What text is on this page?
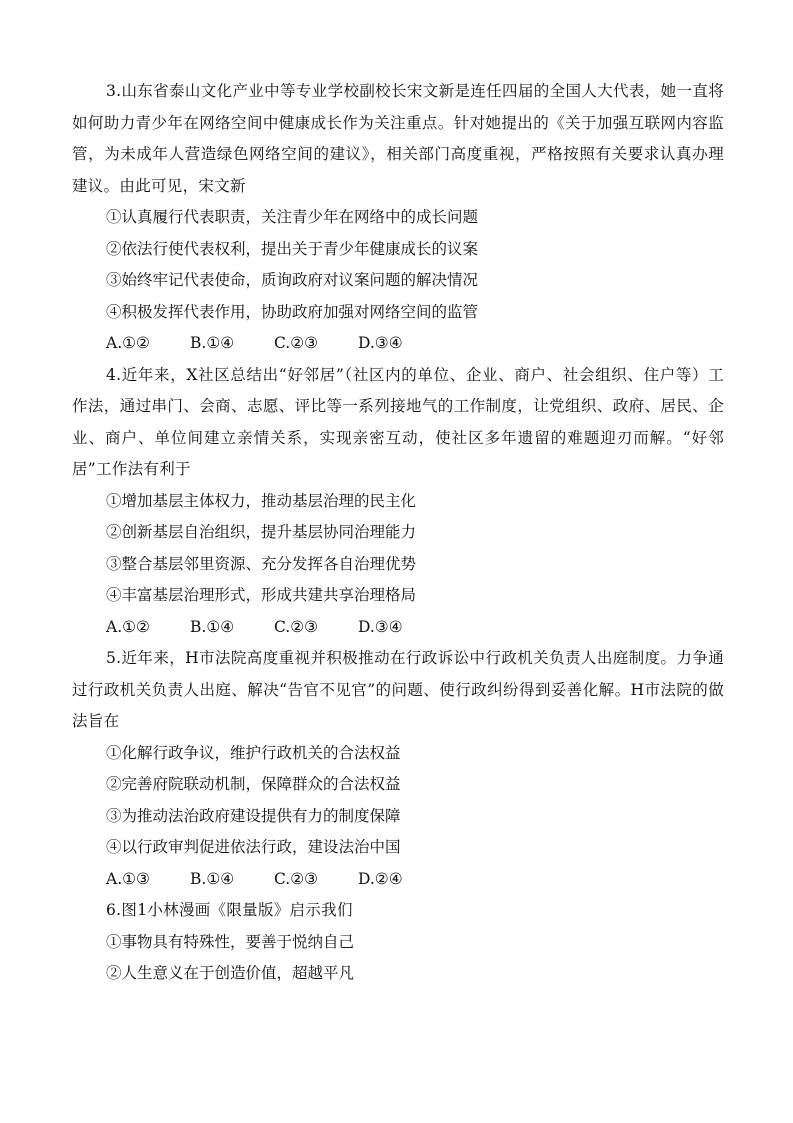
3.山东省泰山文化产业中等专业学校副校长宋文新是连任四届的全国人大代表，她一直将如何助力青少年在网络空间中健康成长作为关注重点。针对她提出的《关于加强互联网内容监管，为未成年人营造绿色网络空间的建议》，相关部门高度重视，严格按照有关要求认真办理建议。由此可见，宋文新
①认真履行代表职责，关注青少年在网络中的成长问题
②依法行使代表权利，提出关于青少年健康成长的议案
③始终牢记代表使命，质询政府对议案问题的解决情况
④积极发挥代表作用，协助政府加强对网络空间的监管
A.①②	B.①④	C.②③	D.③④
4.近年来，X社区总结出“好邻居”（社区内的单位、企业、商户、社会组织、住户等）工作法，通过串门、会商、志愿、评比等一系列接地气的工作制度，让党组织、政府、居民、企业、商户、单位间建立亲情关系，实现亲密互动，使社区多年遗留的难题迎刃而解。“好邻居”工作法有利于
①增加基层主体权力，推动基层治理的民主化
②创新基层自治组织，提升基层协同治理能力
③整合基层邻里资源、充分发挥各自治理优势
④丰富基层治理形式，形成共建共享治理格局
A.①②	B.①④	C.②③	D.③④
5.近年来，H市法院高度重视并积极推动在行政诉讼中行政机关负责人出庭制度。力争通过行政机关负责人出庭、解决“告官不见官”的问题、使行政纠纷得到妥善化解。H市法院的做法旨在
①化解行政争议，维护行政机关的合法权益
②完善府院联动机制，保障群众的合法权益
③为推动法治政府建设提供有力的制度保障
④以行政审判促进依法行政，建设法治中国
A.①③	B.①④	C.②③	D.②④
6.图1小林漫画《限量版》启示我们
①事物具有特殊性，要善于悦纳自己
②人生意义在于创造价值，超越平凡
